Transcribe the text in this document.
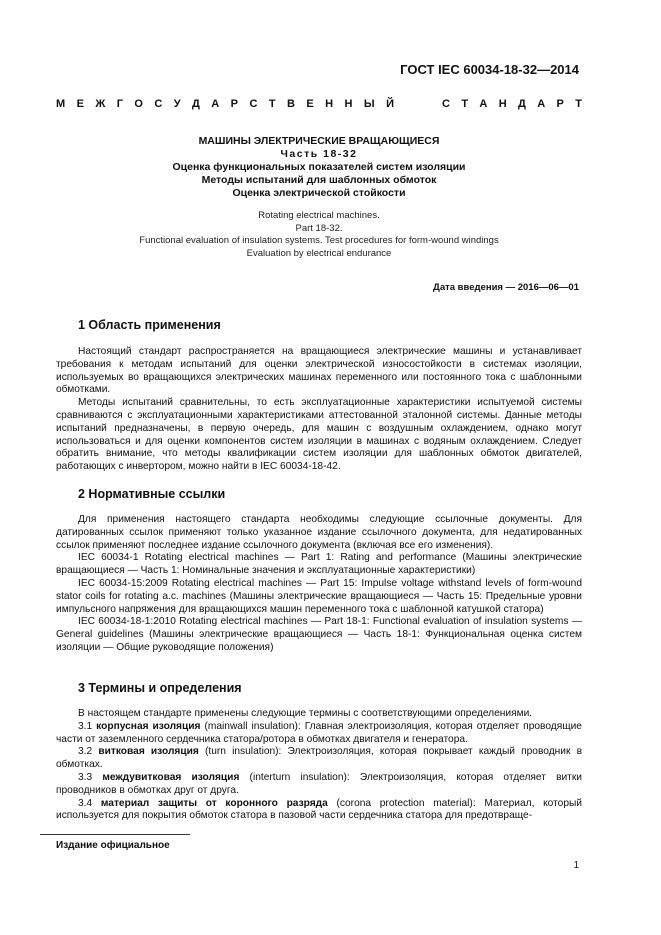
ГОСТ IEC 60034-18-32—2014
М Е Ж Г О С У Д А Р С Т В Е Н Н Ы Й	С Т А Н Д А Р Т
МАШИНЫ ЭЛЕКТРИЧЕСКИЕ ВРАЩАЮЩИЕСЯ
Часть 18-32
Оценка функциональных показателей систем изоляции
Методы испытаний для шаблонных обмоток
Оценка электрической стойкости
Rotating electrical machines.
Part 18-32.
Functional evaluation of insulation systems. Test procedures for form-wound windings
Evaluation by electrical endurance
Дата введения — 2016—06—01
1 Область применения

Настоящий стандарт распространяется на вращающиеся электрические машины и устанавливает требования к методам испытаний для оценки электрической износостойкости в системах изоляции, используемых во вращающихся электрических машинах переменного или постоянного тока с шаблонными обмотками.

Методы испытаний сравнительны, то есть эксплуатационные характеристики испытуемой системы сравниваются с эксплуатационными характеристиками аттестованной эталонной системы. Данные методы испытаний предназначены, в первую очередь, для машин с воздушным охлаждением, однако могут использоваться и для оценки компонентов систем изоляции в машинах с водяным охлаждением. Следует обратить внимание, что методы квалификации систем изоляции для шаблонных обмоток двигателей, работающих с инвертором, можно найти в IEC 60034-18-42.

2 Нормативные ссылки

Для применения настоящего стандарта необходимы следующие ссылочные документы. Для датированных ссылок применяют только указанное издание ссылочного документа, для недатированных ссылок применяют последнее издание ссылочного документа (включая все его изменения).

IEC 60034-1 Rotating electrical machines — Part 1: Rating and performance (Машины электрические вращающиеся — Часть 1: Номинальные значения и эксплуатационные характеристики)

IEC 60034-15:2009 Rotating electrical machines — Part 15: Impulse voltage withstand levels of form-wound stator coils for rotating a.c. machines (Машины электрические вращающиеся — Часть 15: Предельные уровни импульсного напряжения для вращающихся машин переменного тока с шаблонной катушкой статора)

IEC 60034-18-1:2010 Rotating electrical machines — Part 18-1: Functional evaluation of insulation systems — General guidelines (Машины электрические вращающиеся — Часть 18-1: Функциональная оценка систем изоляции — Общие руководящие положения)

3 Термины и определения

В настоящем стандарте применены следующие термины с соответствующими определениями.

3.1 корпусная изоляция (mainwall insulation): Главная электроизоляция, которая отделяет проводящие части от заземленного сердечника статора/ротора в обмотках двигателя и генератора.

3.2 витковая изоляция (turn insulation): Электроизоляция, которая покрывает каждый проводник в обмотках.

3.3 междувитковая изоляция (interturn insulation): Электроизоляция, которая отделяет витки проводников в обмотках друг от друга.

3.4 материал защиты от коронного разряда (corona protection material): Материал, который используется для покрытия обмоток статора в пазовой части сердечника статора для предотвраще-

Издание официальное
1
